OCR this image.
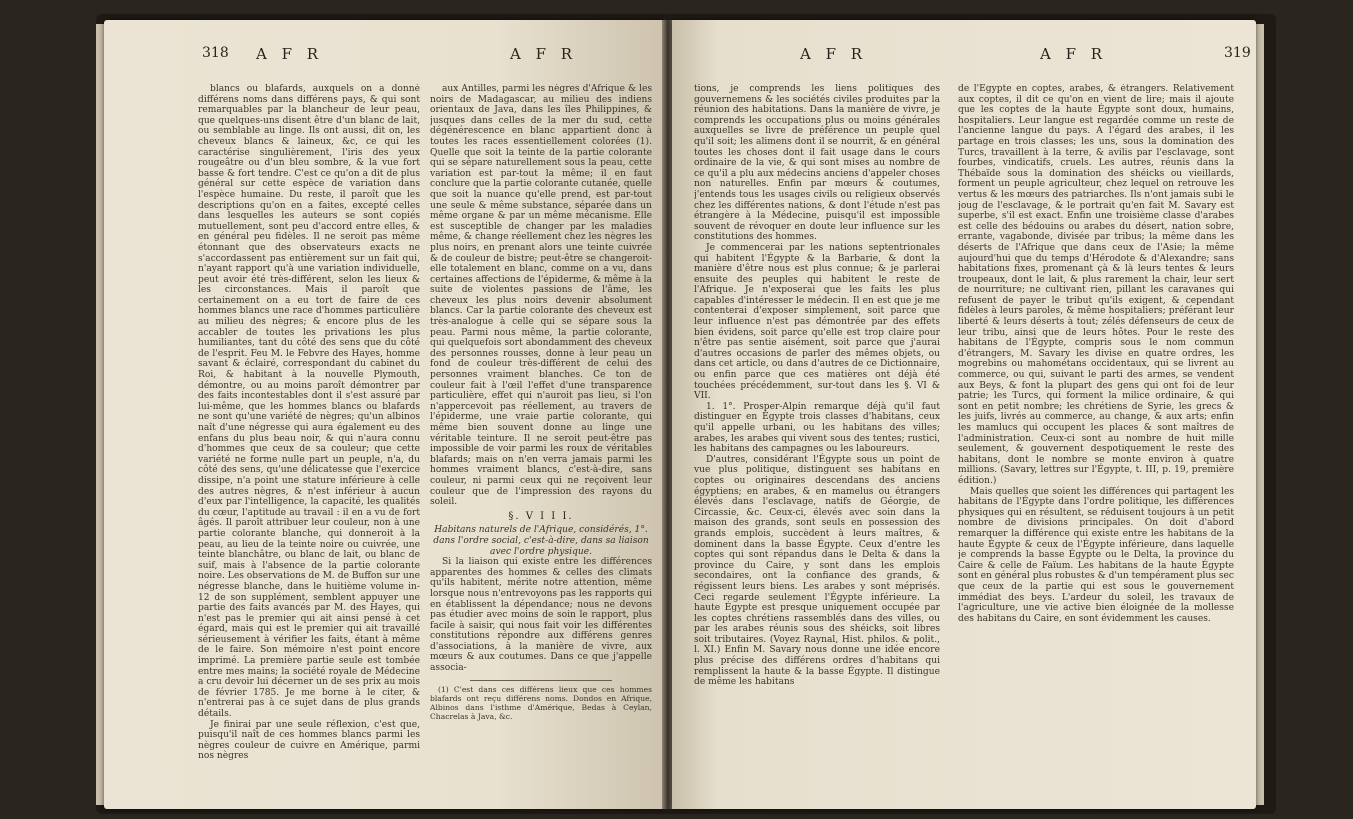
318 A F R	A F R

blancs ou blafards, auxquels on a donné différens noms dans différens pays, & qui sont remarquables par la blancheur de leur peau, que quelques-uns disent être d'un blanc de lait, ou semblable au linge. Ils ont aussi, dit on, les cheveux blancs & laineux, &c, ce qui les caractérise singulièrement, l'iris des yeux rougeâtre ou d'un bleu sombre, & la vue fort basse & fort tendre. C'est ce qu'on a dit de plus général sur cette espèce de variation dans l'espèce humaine. Du reste, il paroît que les descriptions qu'on en a faites, excepté celles dans lesquelles les auteurs se sont copiés mutuellement, sont peu d'accord entre elles, & en général peu fidèles. Il ne seroit pas même étonnant que des observateurs exacts ne s'accordassent pas entièrement sur un fait qui, n'ayant rapport qu'à une variation individuelle, peut avoir été très-différent, selon les lieux & les circonstances. Mais il paroît que certainement on a eu tort de faire de ces hommes blancs une race d'hommes particulière au milieu des nègres; & encore plus de les accabler de toutes les privations les plus humiliantes, tant du côté des sens que du côté de l'esprit. Feu M. le Febvre des Hayes, homme savant & éclairé, correspondant du cabinet du Roi, & habitant à la nouvelle Plymouth, démontre, ou au moins paroît démontrer par des faits incontestables dont il s'est assuré par lui-même, que les hommes blancs ou blafards ne sont qu'une variété de nègres; qu'un albinos naît d'une négresse qui aura également eu des enfans du plus beau noir, & qui n'aura connu d'hommes que ceux de sa couleur; que cette variété ne forme nulle part un peuple, n'a, du côté des sens, qu'une délicatesse que l'exercice dissipe, n'a point une stature inférieure à celle des autres nègres, & n'est inférieur à aucun d'eux par l'intelligence, la capacité, les qualités du cœur, l'aptitude au travail : il en a vu de fort âgés. Il paroît attribuer leur couleur, non à une partie colorante blanche, qui donneroit à la peau, au lieu de la teinte noire ou cuivrée, une teinte blanchâtre, ou blanc de lait, ou blanc de suif, mais à l'absence de la partie colorante noire. Les observations de M. de Buffon sur une négresse blanche, dans le huitième volume in-12 de son supplément, semblent appuyer une partie des faits avancés par M. des Hayes, qui n'est pas le premier qui ait ainsi pensé à cet égard, mais qui est le premier qui ait travaillé sérieusement à vérifier les faits, étant à même de le faire. Son mémoire n'est point encore imprimé. La première partie seule est tombée entre mes mains; la société royale de Médecine a cru devoir lui décerner un de ses prix au mois de février 1785. Je me borne à le citer, & n'entrerai pas à ce sujet dans de plus grands détails.

Je finirai par une seule réflexion, c'est que, puisqu'il naît de ces hommes blancs parmi les nègres couleur de cuivre en Amérique, parmi nos nègres

aux Antilles, parmi les nègres d'Afrique & les noirs de Madagascar, au milieu des indiens orientaux de Java, dans les îles Philippines, & jusques dans celles de la mer du sud, cette dégénérescence en blanc appartient donc à toutes les races essentiellement colorées (1). Quelle que soit la teinte de la partie colorante qui se sépare naturellement sous la peau, cette variation est par-tout la même; il en faut conclure que la partie colorante cutanée, quelle que soit la nuance qu'elle prend, est par-tout une seule & même substance, séparée dans un même organe & par un même mécanisme. Elle est susceptible de changer par les maladies même, & change réellement chez les nègres les plus noirs, en prenant alors une teinte cuivrée & de couleur de bistre; peut-être se changeroit-elle totalement en blanc, comme on a vu, dans certaines affections de l'épiderme, & même à la suite de violentes passions de l'âme, les cheveux les plus noirs devenir absolument blancs. Car la partie colorante des cheveux est très-analogue à celle qui se sépare sous la peau. Parmi nous même, la partie colorante, qui quelquefois sort abondamment des cheveux des personnes rousses, donne à leur peau un fond de couleur très-différent de celui des personnes vraiment blanches. Ce ton de couleur fait à l'œil l'effet d'une transparence particulière, effet qui n'auroit pas lieu, si l'on n'appercevoit pas réellement, au travers de l'épiderme, une vraie partie colorante, qui même bien souvent donne au linge une véritable teinture. Il ne seroit peut-être pas impossible de voir parmi les roux de véritables blafards; mais on n'en verra jamais parmi les hommes vraiment blancs, c'est-à-dire, sans couleur, ni parmi ceux qui ne reçoivent leur couleur que de l'impression des rayons du soleil.

§. V I I I.

Habitans naturels de l'Afrique, considérés, 1°. dans l'ordre social, c'est-à-dire, dans sa liaison avec l'ordre physique.

Si la liaison qui existe entre les différences apparentes des hommes & celles des climats qu'ils habitent, mérite notre attention, même lorsque nous n'entrevoyons pas les rapports qui en établissent la dépendance; nous ne devons pas étudier avec moins de soin le rapport, plus facile à saisir, qui nous fait voir les différentes constitutions répondre aux différens genres d'associations, à la manière de vivre, aux mœurs & aux coutumes. Dans ce que j'appelle associa-

(1) C'est dans ces différens lieux que ces hommes blafards ont reçu différens noms. Dondos en Afrique, Albinos dans l'isthme d'Amérique, Bedas à Ceylan, Chacrelas à Java, &c.

A F R	A F R	319

tions, je comprends les liens politiques des gouvernemens & les sociétés civiles produites par la réunion des habitations. Dans la manière de vivre, je comprends les occupations plus ou moins générales auxquelles se livre de préférence un peuple quel qu'il soit; les alimens dont il se nourrit, & en général toutes les choses dont il fait usage dans le cours ordinaire de la vie, & qui sont mises au nombre de ce qu'il a plu aux médecins anciens d'appeler choses non naturelles. Enfin par mœurs & coutumes, j'entends tous les usages civils ou religieux observés chez les différentes nations, & dont l'étude n'est pas étrangère à la Médecine, puisqu'il est impossible souvent de révoquer en doute leur influence sur les constitutions des hommes.

Je commencerai par les nations septentrionales qui habitent l'Égypte & la Barbarie, & dont la manière d'être nous est plus connue; & je parlerai ensuite des peuples qui habitent le reste de l'Afrique. Je n'exposerai que les faits les plus capables d'intéresser le médecin. Il en est que je me contenterai d'exposer simplement, soit parce que leur influence n'est pas démontrée par des effets bien évidens, soit parce qu'elle est trop claire pour n'être pas sentie aisément, soit parce que j'aurai d'autres occasions de parler des mêmes objets, ou dans cet article, ou dans d'autres de ce Dictionnaire, ou enfin parce que ces matières ont déjà été touchées précédemment, sur-tout dans les §. VI & VII.

1. 1°. Prosper-Alpin remarque déjà qu'il faut distinguer en Égypte trois classes d'habitans, ceux qu'il appelle urbani, ou les habitans des villes; arabes, les arabes qui vivent sous des tentes; rustici, les habitans des campagnes ou les laboureurs.

D'autres, considérant l'Égypte sous un point de vue plus politique, distinguent ses habitans en coptes ou originaires descendans des anciens égyptiens; en arabes, & en mamelus ou étrangers élevés dans l'esclavage, natifs de Géorgie, de Circassie, &c. Ceux-ci, élevés avec soin dans la maison des grands, sont seuls en possession des grands emplois, succèdent à leurs maîtres, & dominent dans la basse Égypte. Ceux d'entre les coptes qui sont répandus dans le Delta & dans la province du Caire, y sont dans les emplois secondaires, ont la confiance des grands, & régissent leurs biens. Les arabes y sont méprisés. Ceci regarde seulement l'Égypte inférieure. La haute Égypte est presque uniquement occupée par les coptes chrétiens rassemblés dans des villes, ou par les arabes réunis sous des shéicks, soit libres soit tributaires. (Voyez Raynal, Hist. philos. & polit., l. XI.) Enfin M. Savary nous donne une idée encore plus précise des différens ordres d'habitans qui remplissent la haute & la basse Égypte. Il distingue de même les habitans

de l'Égypte en coptes, arabes, & étrangers. Relativement aux coptes, il dit ce qu'on en vient de lire; mais il ajoute que les coptes de la haute Égypte sont doux, humains, hospitaliers. Leur langue est regardée comme un reste de l'ancienne langue du pays. A l'égard des arabes, il les partage en trois classes; les uns, sous la domination des Turcs, travaillent à la terre, & avilis par l'esclavage, sont fourbes, vindicatifs, cruels. Les autres, réunis dans la Thébaïde sous la domination des shéicks ou vieillards, forment un peuple agriculteur, chez lequel on retrouve les vertus & les mœurs des patriarches. Ils n'ont jamais subi le joug de l'esclavage, & le portrait qu'en fait M. Savary est superbe, s'il est exact. Enfin une troisième classe d'arabes est celle des bédouins ou arabes du désert, nation sobre, errante, vagabonde, divisée par tribus; la même dans les déserts de l'Afrique que dans ceux de l'Asie; la même aujourd'hui que du temps d'Hérodote & d'Alexandre; sans habitations fixes, promenant çà & là leurs tentes & leurs troupeaux, dont le lait, & plus rarement la chair, leur sert de nourriture; ne cultivant rien, pillant les caravanes qui refusent de payer le tribut qu'ils exigent, & cependant fidèles à leurs paroles, & même hospitaliers; préférant leur liberté & leurs déserts à tout; zélés défenseurs de ceux de leur tribu, ainsi que de leurs hôtes. Pour le reste des habitans de l'Égypte, compris sous le nom commun d'étrangers, M. Savary les divise en quatre ordres, les mogrebins ou mahométans occidentaux, qui se livrent au commerce, ou qui, suivant le parti des armes, se vendent aux Beys, & font la plupart des gens qui ont foi de leur patrie; les Turcs, qui forment la milice ordinaire, & qui sont en petit nombre; les chrétiens de Syrie, les grecs & les juifs, livrés au commerce, au change, & aux arts; enfin les mamlucs qui occupent les places & sont maîtres de l'administration. Ceux-ci sont au nombre de huit mille seulement, & gouvernent despotiquement le reste des habitans, dont le nombre se monte environ à quatre millions. (Savary, lettres sur l'Égypte, t. III, p. 19, première édition.)

Mais quelles que soient les différences qui partagent les habitans de l'Égypte dans l'ordre politique, les différences physiques qui en résultent, se réduisent toujours à un petit nombre de divisions principales. On doit d'abord remarquer la différence qui existe entre les habitans de la haute Égypte & ceux de l'Égypte inférieure, dans laquelle je comprends la basse Égypte ou le Delta, la province du Caire & celle de Faïum. Les habitans de la haute Égypte sont en général plus robustes & d'un tempérament plus sec que ceux de la partie qui est sous le gouvernement immédiat des beys. L'ardeur du soleil, les travaux de l'agriculture, une vie active bien éloignée de la mollesse des habitans du Caire, en sont évidemment les causes.
